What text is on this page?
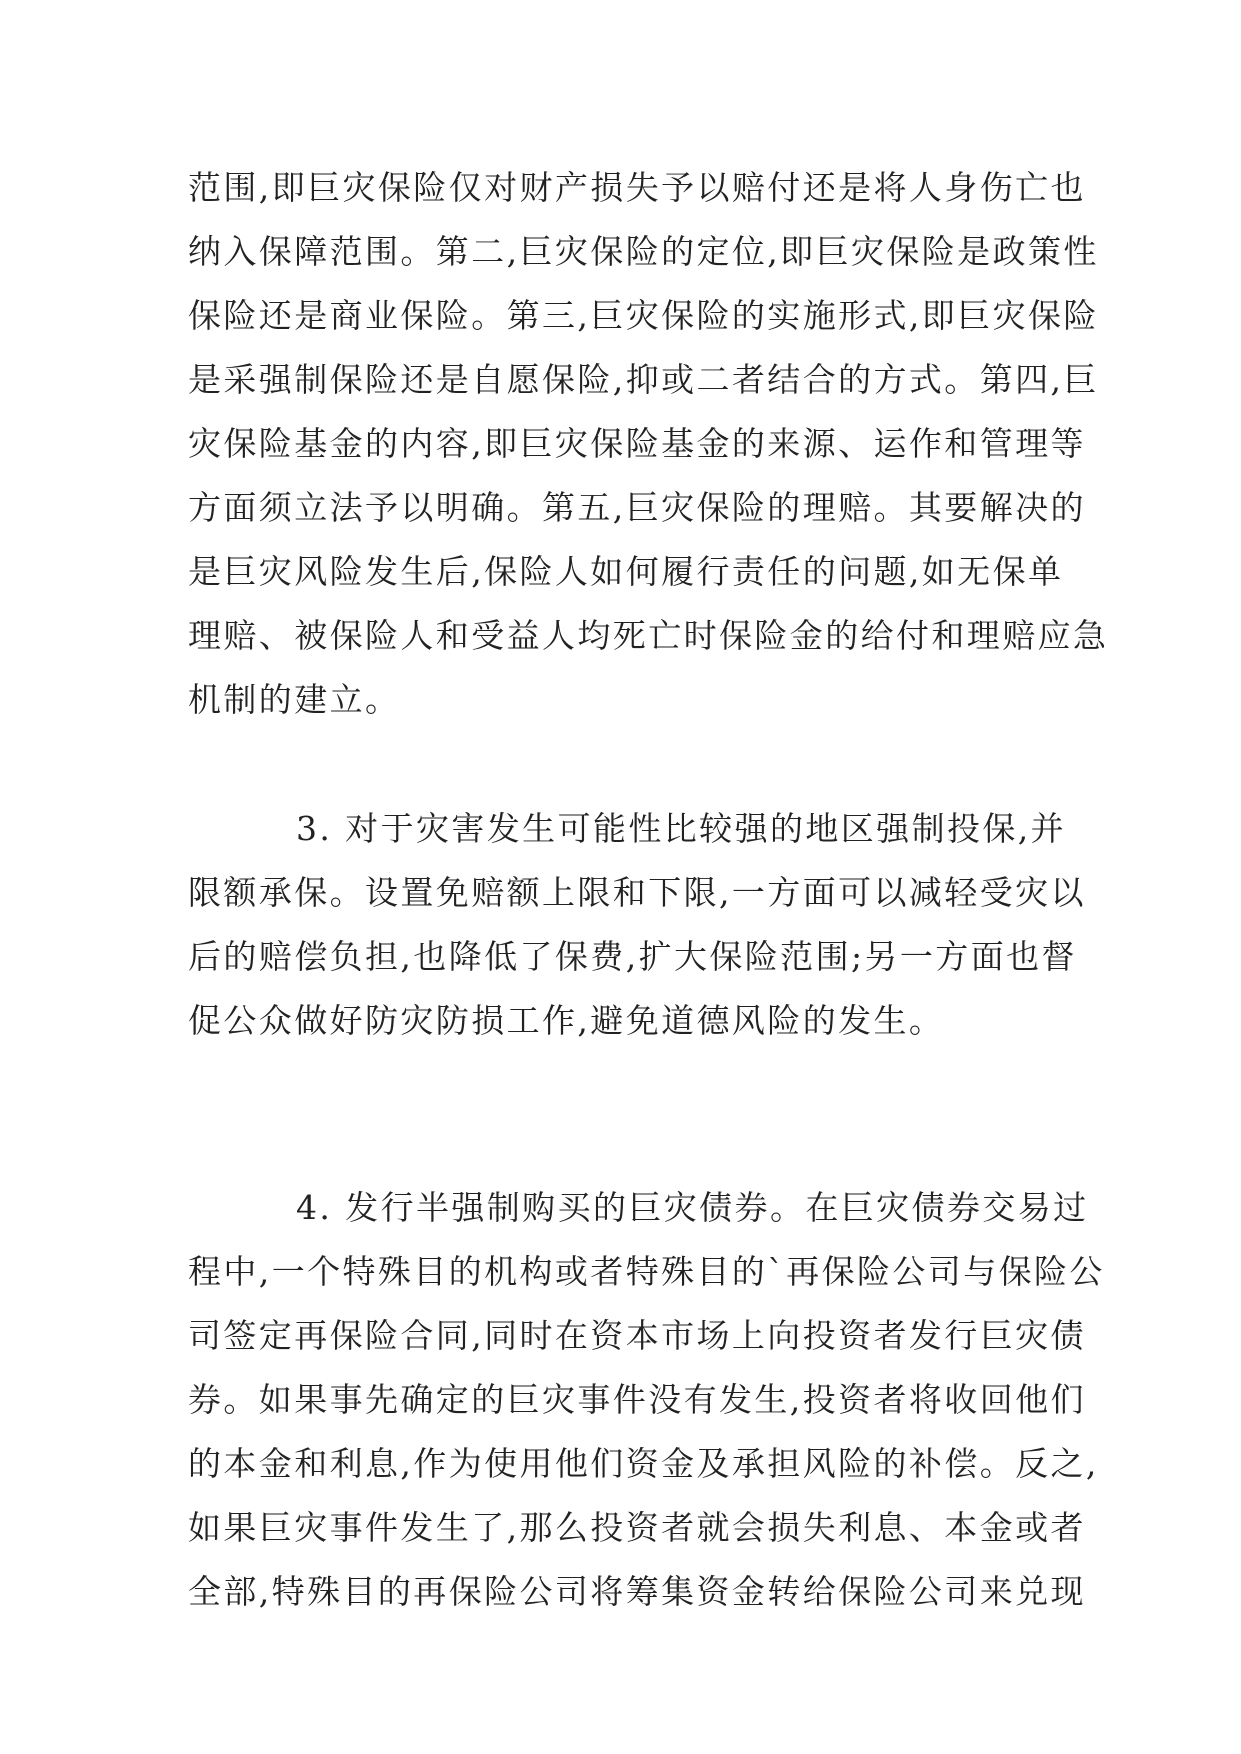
范围,即巨灾保险仅对财产损失予以赔付还是将人身伤亡也
纳入保障范围。第二,巨灾保险的定位,即巨灾保险是政策性
保险还是商业保险。第三,巨灾保险的实施形式,即巨灾保险
是采强制保险还是自愿保险,抑或二者结合的方式。第四,巨
灾保险基金的内容,即巨灾保险基金的来源、运作和管理等
方面须立法予以明确。第五,巨灾保险的理赔。其要解决的
是巨灾风险发生后,保险人如何履行责任的问题,如无保单
理赔、被保险人和受益人均死亡时保险金的给付和理赔应急
机制的建立。
3. 对于灾害发生可能性比较强的地区强制投保,并
限额承保。设置免赔额上限和下限,一方面可以减轻受灾以
后的赔偿负担,也降低了保费,扩大保险范围;另一方面也督
促公众做好防灾防损工作,避免道德风险的发生。
4. 发行半强制购买的巨灾债券。在巨灾债券交易过
程中,一个特殊目的机构或者特殊目的`再保险公司与保险公
司签定再保险合同,同时在资本市场上向投资者发行巨灾债
券。如果事先确定的巨灾事件没有发生,投资者将收回他们
的本金和利息,作为使用他们资金及承担风险的补偿。反之,
如果巨灾事件发生了,那么投资者就会损失利息、本金或者
全部,特殊目的再保险公司将筹集资金转给保险公司来兑现
